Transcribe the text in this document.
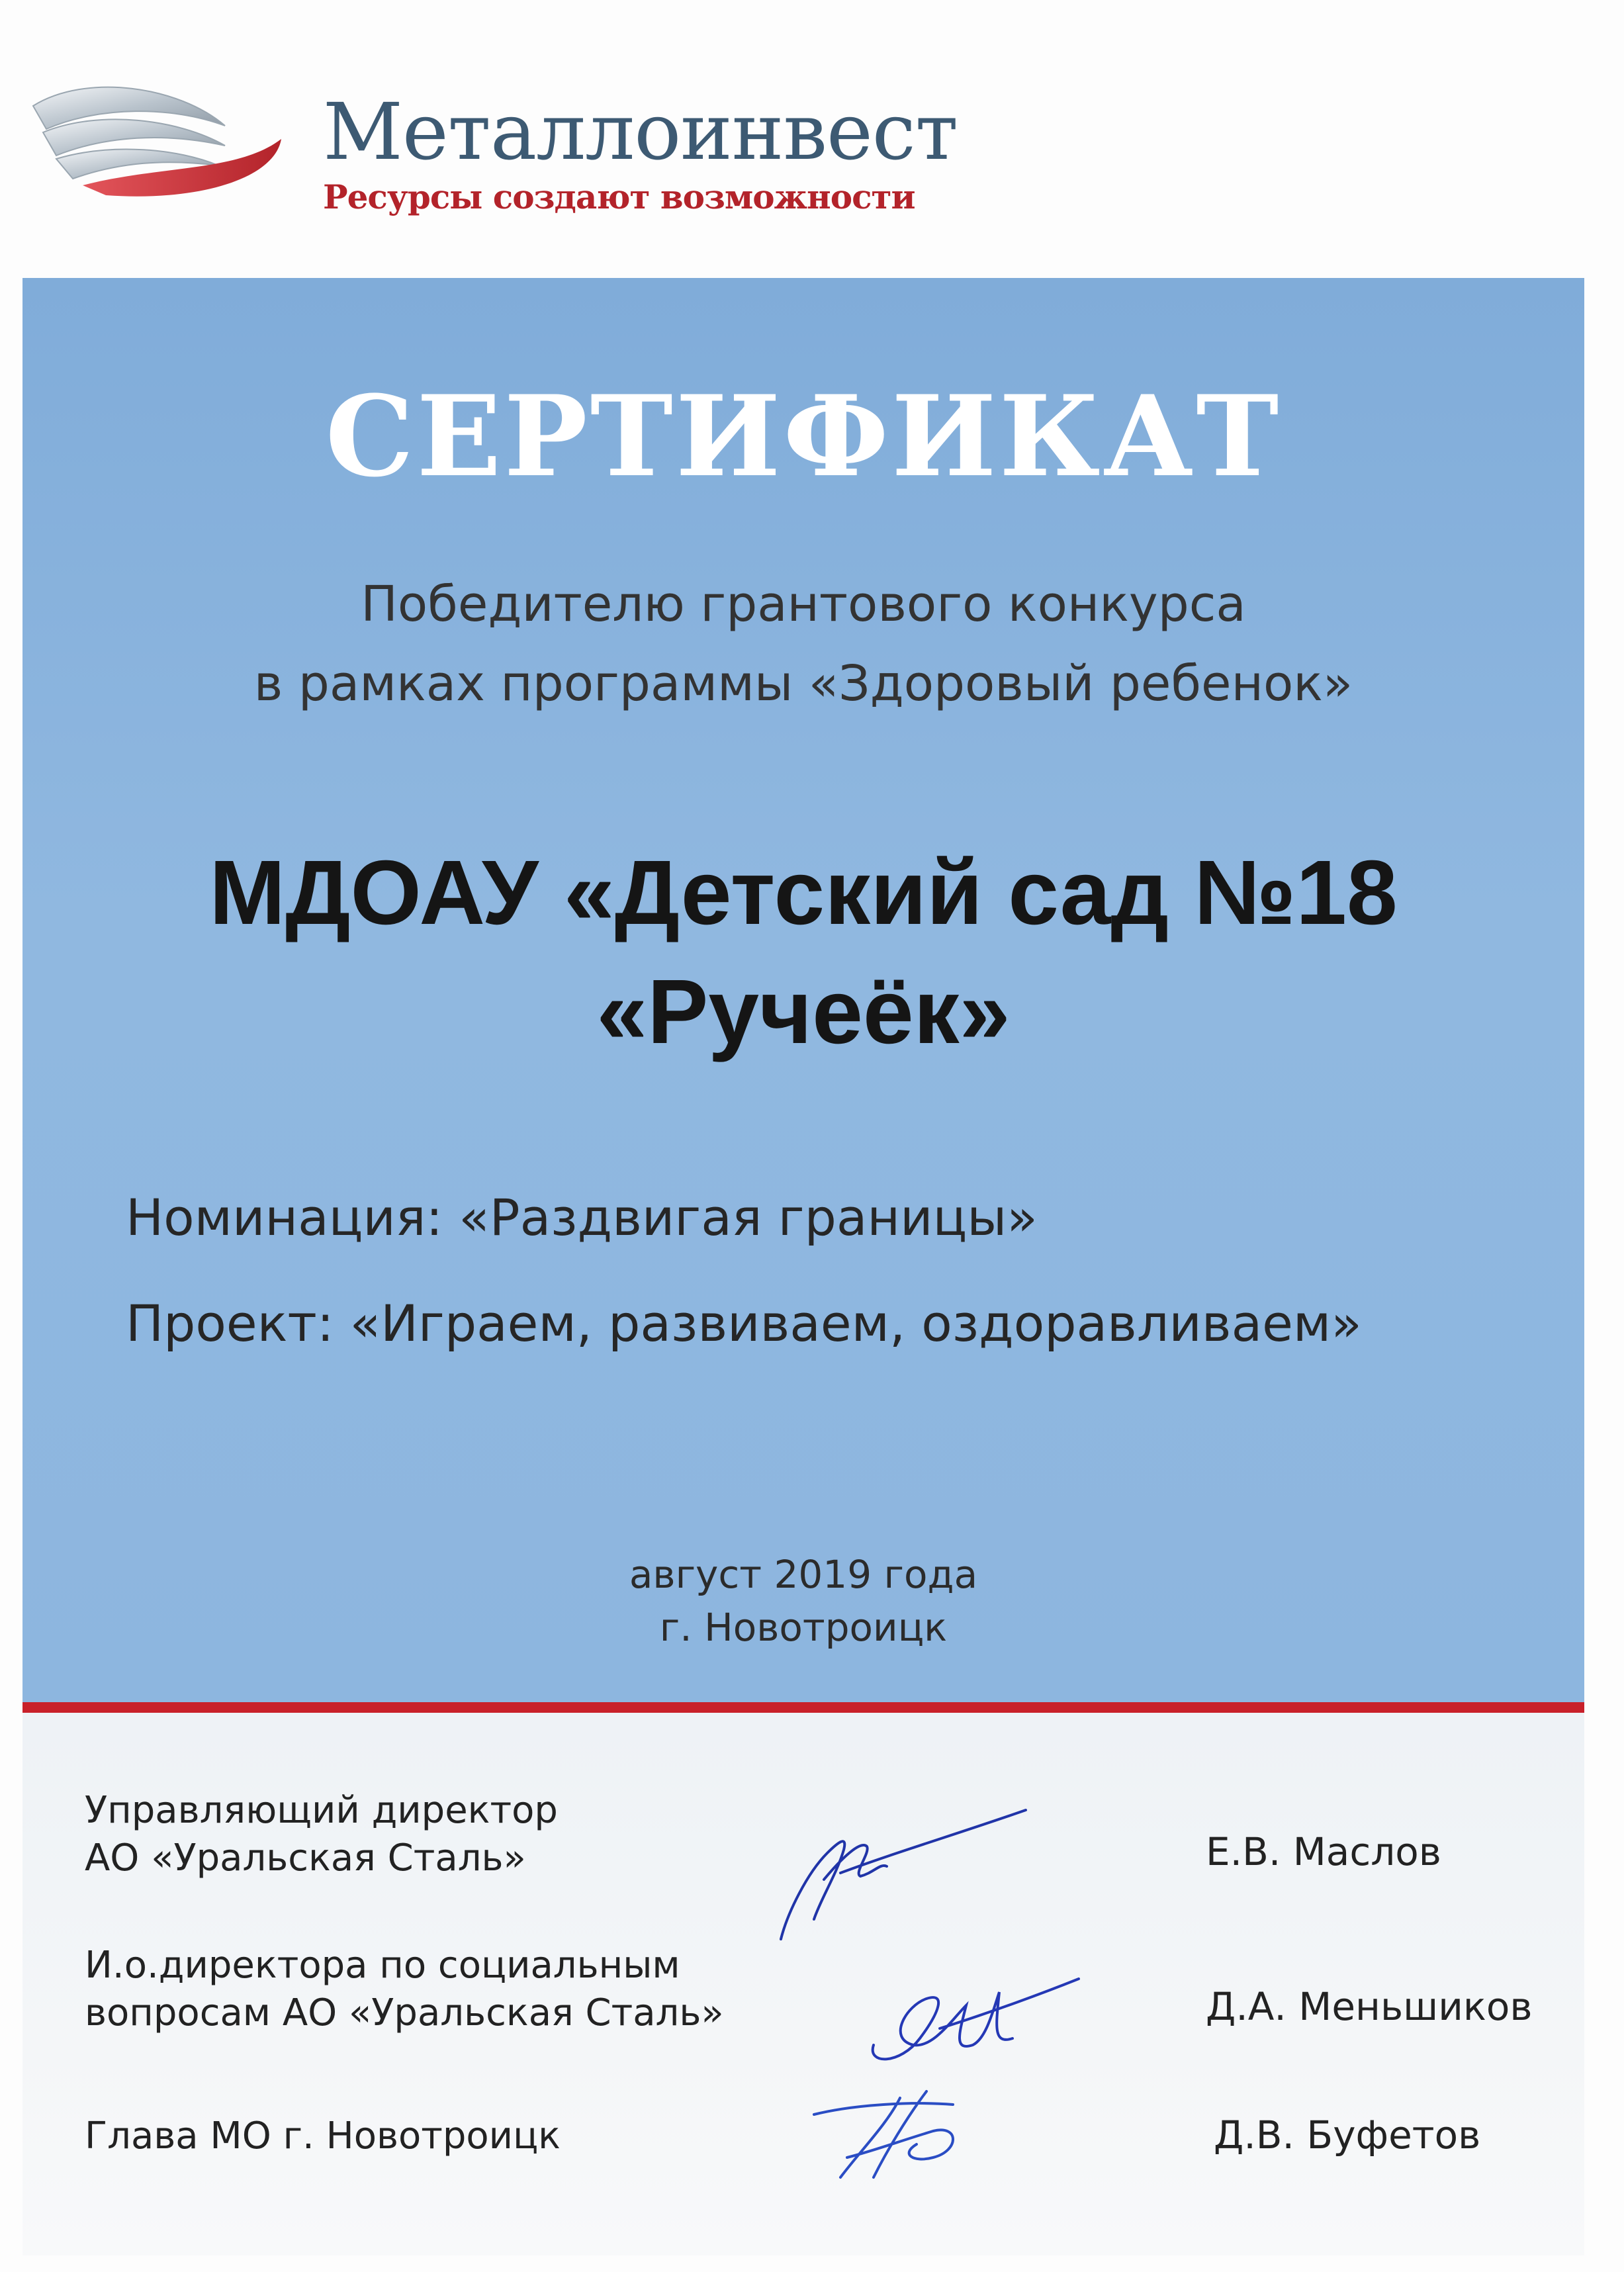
Металлоинвест
Ресурсы создают возможности
СЕРТИФИКАТ
Победителю грантового конкурса
в рамках программы «Здоровый ребенок»
МДОАУ «Детский сад №18
«Ручеёк»
Номинация: «Раздвигая границы»
Проект: «Играем, развиваем, оздоравливаем»
август 2019 года
г. Новотроицк
Управляющий директор
АО «Уральская Сталь»	Е.В. Маслов
И.о.директора по социальным
вопросам АО «Уральская Сталь»	Д.А. Меньшиков
Глава МО г. Новотроицк	Д.В. Буфетов
